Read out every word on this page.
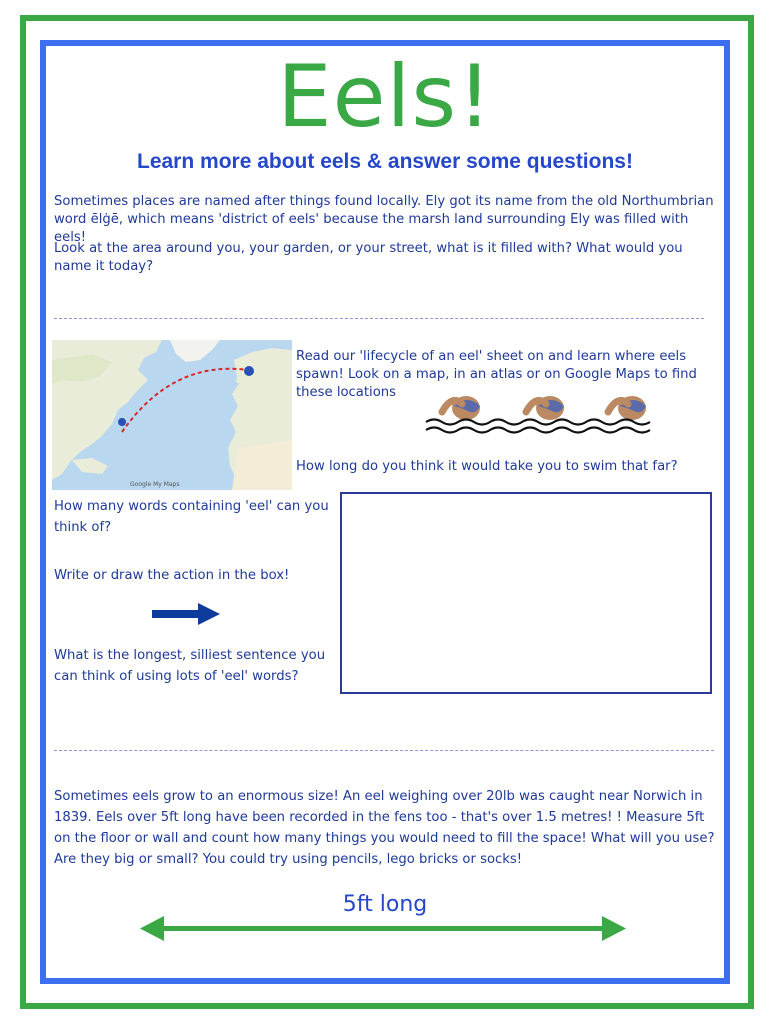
Eels!
Learn more about eels & answer some questions!
Sometimes places are named after things found locally. Ely got its name from the old Northumbrian word ēlġē, which means 'district of eels' because the marsh land surrounding Ely was filled with eels!
Look at the area around you, your garden, or your street, what is it filled with? What would you name it today?
Google My Maps
Read our 'lifecycle of an eel' sheet on and learn where eels spawn! Look on a map, in an atlas or on Google Maps to find these locations
How long do you think it would take you to swim that far?
How many words containing 'eel' can you think of?
Write or draw the action in the box!
What is the longest, silliest sentence you can think of using lots of 'eel' words?
Sometimes eels grow to an enormous size! An eel weighing over 20lb was caught near Norwich in 1839. Eels over 5ft long have been recorded in the fens too - that's over 1.5 metres! ! Measure 5ft on the floor or wall and count how many things you would need to fill the space! What will you use? Are they big or small? You could try using pencils, lego bricks or socks!
5ft long
